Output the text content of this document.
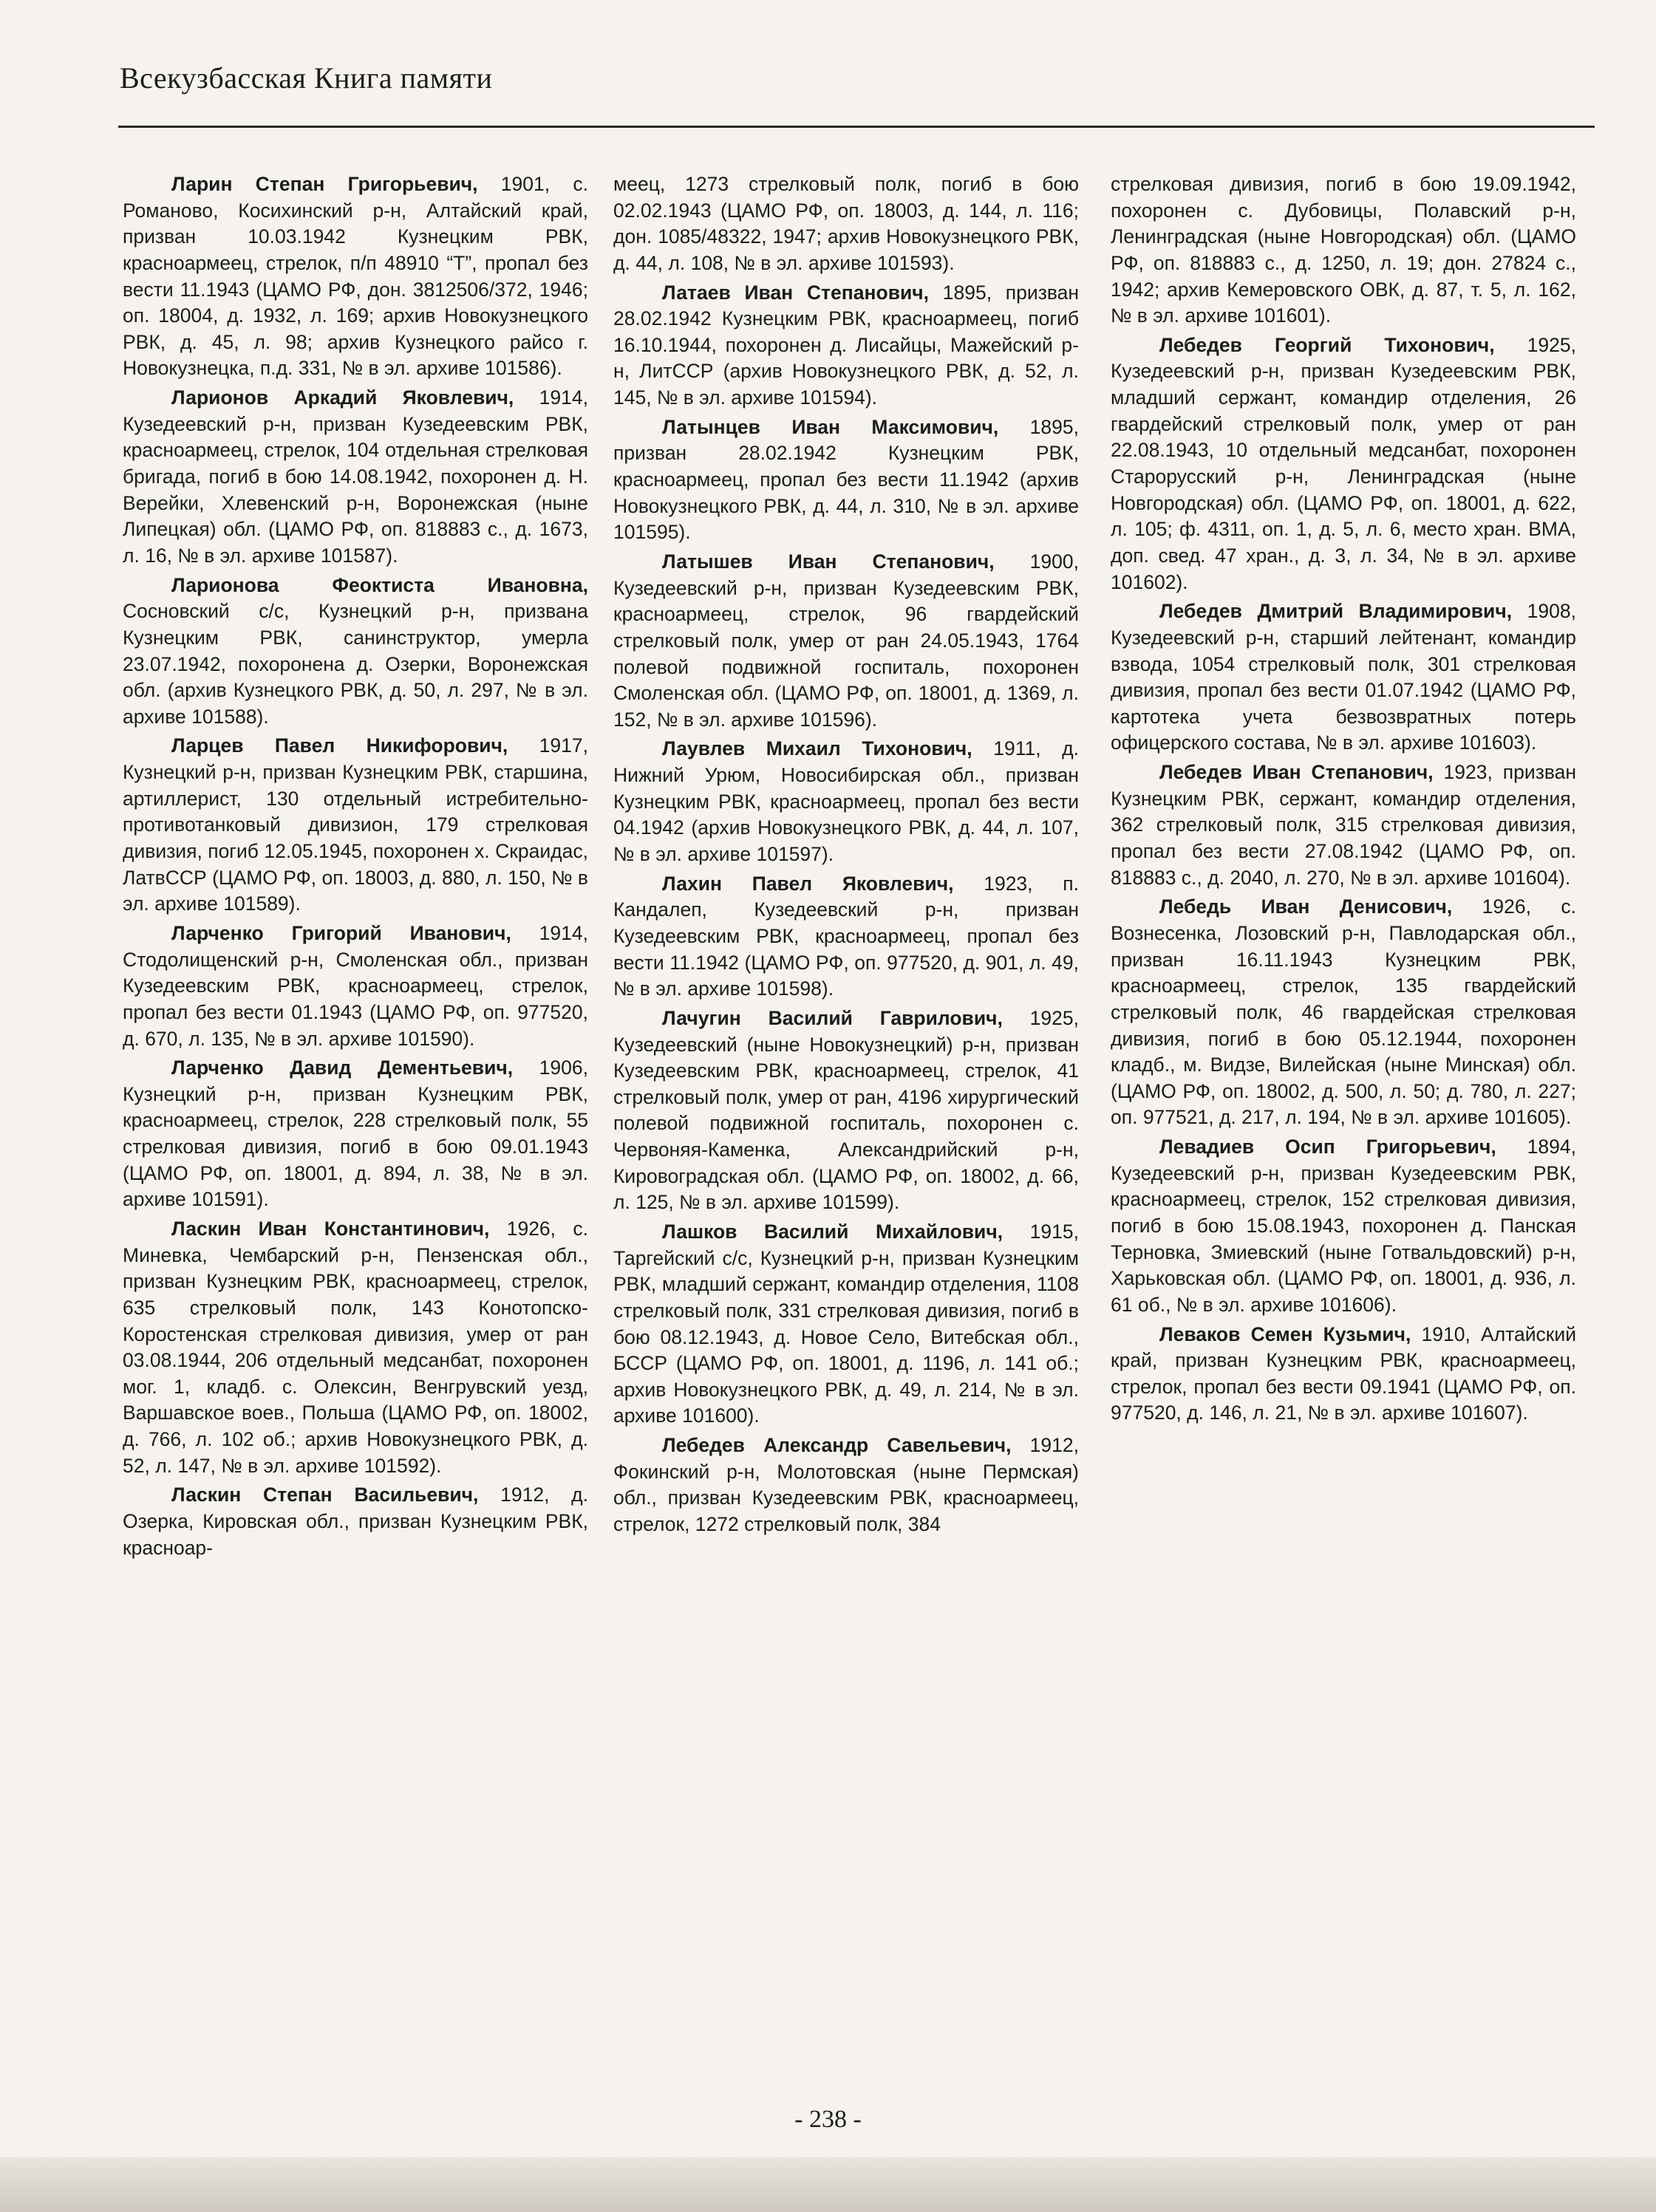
Всекузбасская Книга памяти

Ларин Степан Григорьевич, 1901, с. Романово, Косихинский р-н, Алтайский край, призван 10.03.1942 Кузнецким РВК, красноармеец, стрелок, п/п 48910 “Т”, пропал без вести 11.1943 (ЦАМО РФ, дон. 3812506/372, 1946; оп. 18004, д. 1932, л. 169; архив Новокузнецкого РВК, д. 45, л. 98; архив Кузнецкого райсо г. Новокузнецка, п.д. 331, № в эл. архиве 101586).

Ларионов Аркадий Яковлевич, 1914, Кузедеевский р-н, призван Кузедеевским РВК, красноармеец, стрелок, 104 отдельная стрелковая бригада, погиб в бою 14.08.1942, похоронен д. Н. Верейки, Хлевенский р-н, Воронежская (ныне Липецкая) обл. (ЦАМО РФ, оп. 818883 с., д. 1673, л. 16, № в эл. архиве 101587).

Ларионова Феоктиста Ивановна, Сосновский с/с, Кузнецкий р-н, призвана Кузнецким РВК, санинструктор, умерла 23.07.1942, похоронена д. Озерки, Воронежская обл. (архив Кузнецкого РВК, д. 50, л. 297, № в эл. архиве 101588).

Ларцев Павел Никифорович, 1917, Кузнецкий р-н, призван Кузнецким РВК, старшина, артиллерист, 130 отдельный истребительно-противотанковый дивизион, 179 стрелковая дивизия, погиб 12.05.1945, похоронен х. Скраидас, ЛатвССР (ЦАМО РФ, оп. 18003, д. 880, л. 150, № в эл. архиве 101589).

Ларченко Григорий Иванович, 1914, Стодолищенский р-н, Смоленская обл., призван Кузедеевским РВК, красноармеец, стрелок, пропал без вести 01.1943 (ЦАМО РФ, оп. 977520, д. 670, л. 135, № в эл. архиве 101590).

Ларченко Давид Дементьевич, 1906, Кузнецкий р-н, призван Кузнецким РВК, красноармеец, стрелок, 228 стрелковый полк, 55 стрелковая дивизия, погиб в бою 09.01.1943 (ЦАМО РФ, оп. 18001, д. 894, л. 38, № в эл. архиве 101591).

Ласкин Иван Константинович, 1926, с. Миневка, Чембарский р-н, Пензенская обл., призван Кузнецким РВК, красноармеец, стрелок, 635 стрелковый полк, 143 Конотопско-Коростенская стрелковая дивизия, умер от ран 03.08.1944, 206 отдельный медсанбат, похоронен мог. 1, кладб. с. Олексин, Венгрувский уезд, Варшавское воев., Польша (ЦАМО РФ, оп. 18002, д. 766, л. 102 об.; архив Новокузнецкого РВК, д. 52, л. 147, № в эл. архиве 101592).

Ласкин Степан Васильевич, 1912, д. Озерка, Кировская обл., призван Кузнецким РВК, красноар-

меец, 1273 стрелковый полк, погиб в бою 02.02.1943 (ЦАМО РФ, оп. 18003, д. 144, л. 116; дон. 1085/48322, 1947; архив Новокузнецкого РВК, д. 44, л. 108, № в эл. архиве 101593).

Латаев Иван Степанович, 1895, призван 28.02.1942 Кузнецким РВК, красноармеец, погиб 16.10.1944, похоронен д. Лисайцы, Мажейский р-н, ЛитССР (архив Новокузнецкого РВК, д. 52, л. 145, № в эл. архиве 101594).

Латынцев Иван Максимович, 1895, призван 28.02.1942 Кузнецким РВК, красноармеец, пропал без вести 11.1942 (архив Новокузнецкого РВК, д. 44, л. 310, № в эл. архиве 101595).

Латышев Иван Степанович, 1900, Кузедеевский р-н, призван Кузедеевским РВК, красноармеец, стрелок, 96 гвардейский стрелковый полк, умер от ран 24.05.1943, 1764 полевой подвижной госпиталь, похоронен Смоленская обл. (ЦАМО РФ, оп. 18001, д. 1369, л. 152, № в эл. архиве 101596).

Лаувлев Михаил Тихонович, 1911, д. Нижний Урюм, Новосибирская обл., призван Кузнецким РВК, красноармеец, пропал без вести 04.1942 (архив Новокузнецкого РВК, д. 44, л. 107, № в эл. архиве 101597).

Лахин Павел Яковлевич, 1923, п. Кандалеп, Кузедеевский р-н, призван Кузедеевским РВК, красноармеец, пропал без вести 11.1942 (ЦАМО РФ, оп. 977520, д. 901, л. 49, № в эл. архиве 101598).

Лачугин Василий Гаврилович, 1925, Кузедеевский (ныне Новокузнецкий) р-н, призван Кузедеевским РВК, красноармеец, стрелок, 41 стрелковый полк, умер от ран, 4196 хирургический полевой подвижной госпиталь, похоронен с. Червоняя-Каменка, Александрийский р-н, Кировоградская обл. (ЦАМО РФ, оп. 18002, д. 66, л. 125, № в эл. архиве 101599).

Лашков Василий Михайлович, 1915, Таргейский с/с, Кузнецкий р-н, призван Кузнецким РВК, младший сержант, командир отделения, 1108 стрелковый полк, 331 стрелковая дивизия, погиб в бою 08.12.1943, д. Новое Село, Витебская обл., БССР (ЦАМО РФ, оп. 18001, д. 1196, л. 141 об.; архив Новокузнецкого РВК, д. 49, л. 214, № в эл. архиве 101600).

Лебедев Александр Савельевич, 1912, Фокинский р-н, Молотовская (ныне Пермская) обл., призван Кузедеевским РВК, красноармеец, стрелок, 1272 стрелковый полк, 384

стрелковая дивизия, погиб в бою 19.09.1942, похоронен с. Дубовицы, Полавский р-н, Ленинградская (ныне Новгородская) обл. (ЦАМО РФ, оп. 818883 с., д. 1250, л. 19; дон. 27824 с., 1942; архив Кемеровского ОВК, д. 87, т. 5, л. 162, № в эл. архиве 101601).

Лебедев Георгий Тихонович, 1925, Кузедеевский р-н, призван Кузедеевским РВК, младший сержант, командир отделения, 26 гвардейский стрелковый полк, умер от ран 22.08.1943, 10 отдельный медсанбат, похоронен Старорусский р-н, Ленинградская (ныне Новгородская) обл. (ЦАМО РФ, оп. 18001, д. 622, л. 105; ф. 4311, оп. 1, д. 5, л. 6, место хран. ВМА, доп. свед. 47 хран., д. 3, л. 34, № в эл. архиве 101602).

Лебедев Дмитрий Владимирович, 1908, Кузедеевский р-н, старший лейтенант, командир взвода, 1054 стрелковый полк, 301 стрелковая дивизия, пропал без вести 01.07.1942 (ЦАМО РФ, картотека учета безвозвратных потерь офицерского состава, № в эл. архиве 101603).

Лебедев Иван Степанович, 1923, призван Кузнецким РВК, сержант, командир отделения, 362 стрелковый полк, 315 стрелковая дивизия, пропал без вести 27.08.1942 (ЦАМО РФ, оп. 818883 с., д. 2040, л. 270, № в эл. архиве 101604).

Лебедь Иван Денисович, 1926, с. Вознесенка, Лозовский р-н, Павлодарская обл., призван 16.11.1943 Кузнецким РВК, красноармеец, стрелок, 135 гвардейский стрелковый полк, 46 гвардейская стрелковая дивизия, погиб в бою 05.12.1944, похоронен кладб., м. Видзе, Вилейская (ныне Минская) обл. (ЦАМО РФ, оп. 18002, д. 500, л. 50; д. 780, л. 227; оп. 977521, д. 217, л. 194, № в эл. архиве 101605).

Левадиев Осип Григорьевич, 1894, Кузедеевский р-н, призван Кузедеевским РВК, красноармеец, стрелок, 152 стрелковая дивизия, погиб в бою 15.08.1943, похоронен д. Панская Терновка, Змиевский (ныне Готвальдовский) р-н, Харьковская обл. (ЦАМО РФ, оп. 18001, д. 936, л. 61 об., № в эл. архиве 101606).

Леваков Семен Кузьмич, 1910, Алтайский край, призван Кузнецким РВК, красноармеец, стрелок, пропал без вести 09.1941 (ЦАМО РФ, оп. 977520, д. 146, л. 21, № в эл. архиве 101607).

- 238 -
